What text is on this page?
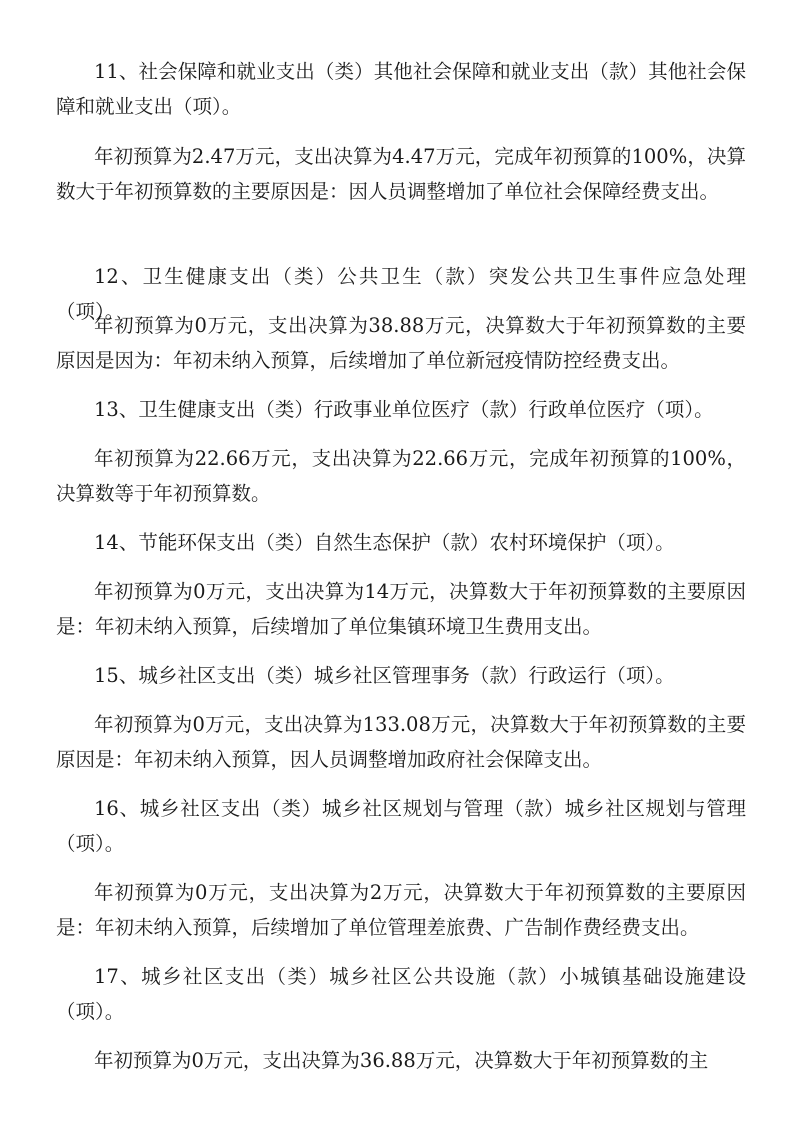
11、社会保障和就业支出（类）其他社会保障和就业支出（款）其他社会保障和就业支出（项）。

年初预算为2.47万元，支出决算为4.47万元，完成年初预算的100%，决算数大于年初预算数的主要原因是：因人员调整增加了单位社会保障经费支出。

12、卫生健康支出（类）公共卫生（款）突发公共卫生事件应急处理（项）。

年初预算为0万元，支出决算为38.88万元，决算数大于年初预算数的主要原因是因为：年初未纳入预算，后续增加了单位新冠疫情防控经费支出。

13、卫生健康支出（类）行政事业单位医疗（款）行政单位医疗（项）。

年初预算为22.66万元，支出决算为22.66万元，完成年初预算的100%，决算数等于年初预算数。

14、节能环保支出（类）自然生态保护（款）农村环境保护（项）。

年初预算为0万元，支出决算为14万元，决算数大于年初预算数的主要原因是：年初未纳入预算，后续增加了单位集镇环境卫生费用支出。

15、城乡社区支出（类）城乡社区管理事务（款）行政运行（项）。

年初预算为0万元，支出决算为133.08万元，决算数大于年初预算数的主要原因是：年初未纳入预算，因人员调整增加政府社会保障支出。

16、城乡社区支出（类）城乡社区规划与管理（款）城乡社区规划与管理（项）。

年初预算为0万元，支出决算为2万元，决算数大于年初预算数的主要原因是：年初未纳入预算，后续增加了单位管理差旅费、广告制作费经费支出。

17、城乡社区支出（类）城乡社区公共设施（款）小城镇基础设施建设（项）。

年初预算为0万元，支出决算为36.88万元，决算数大于年初预算数的主
